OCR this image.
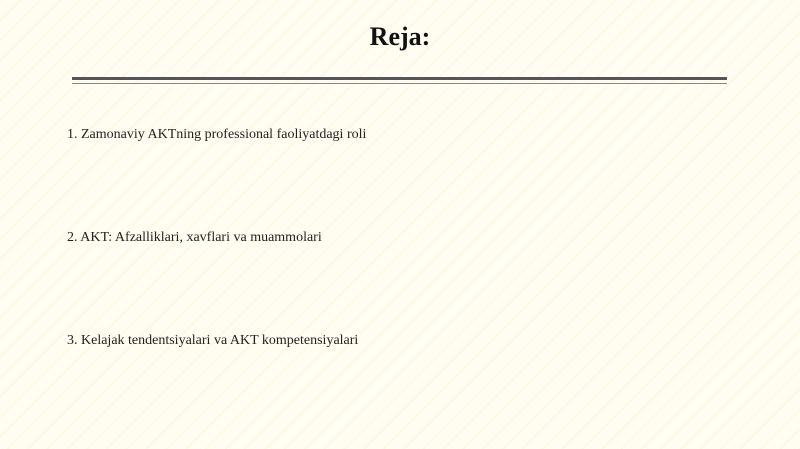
Reja:
1. Zamonaviy AKTning professional faoliyatdagi roli
2. AKT: Afzalliklari, xavflari va muammolari
3. Kelajak tendentsiyalari va AKT kompetensiyalari
